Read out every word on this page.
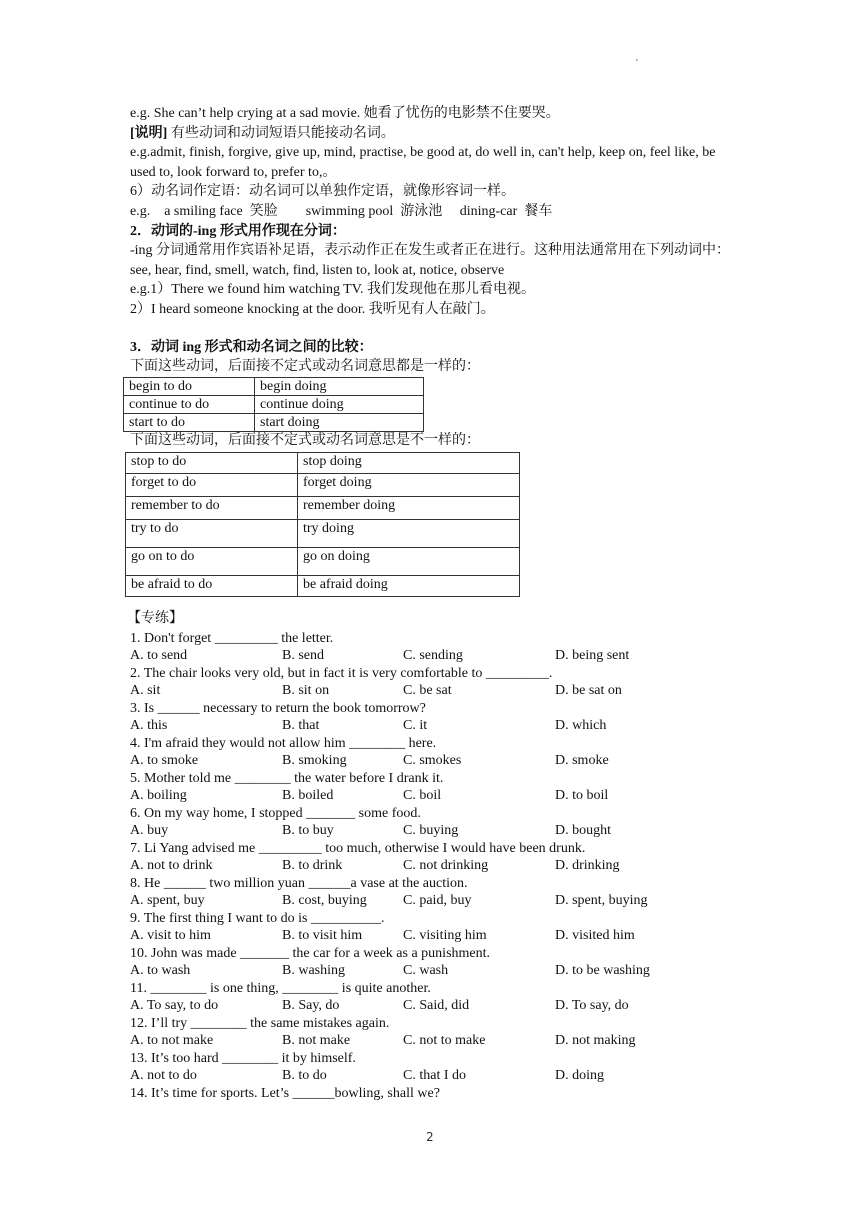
'
e.g. She can’t help crying at a sad movie. 她看了忧伤的电影禁不住要哭。
[说明] 有些动词和动词短语只能接动名词。
e.g.admit, finish, forgive, give up, mind, practise, be good at, do well in, can't help, keep on, feel like, be used to, look forward to, prefer to,。
6）动名词作定语：动名词可以单独作定语，就像形容词一样。
e.g.    a smiling face  笑脸        swimming pool  游泳池     dining-car  餐车
2．动词的-ing 形式用作现在分词：
-ing 分词通常用作宾语补足语，表示动作正在发生或者正在进行。这种用法通常用在下列动词中：see, hear, find, smell, watch, find, listen to, look at, notice, observe
e.g.1）There we found him watching TV. 我们发现他在那儿看电视。
2）I heard someone knocking at the door. 我听见有人在敲门。
3．动词 ing 形式和动名词之间的比较：
下面这些动词，后面接不定式或动名词意思都是一样的：
begin to do	begin doing
continue to do	continue doing
start to do	start doing
下面这些动词，后面接不定式或动名词意思是不一样的：
stop to do	stop doing
forget to do	forget doing
remember to do	remember doing
try to do	try doing
go on to do	go on doing
be afraid to do	be afraid doing
【专练】
1. Don't forget _________ the letter.
A. to send	B. send	C. sending	D. being sent
2. The chair looks very old, but in fact it is very comfortable to _________.
A. sit	B. sit on	C. be sat	D. be sat on
3. Is ______ necessary to return the book tomorrow?
A. this	B. that	C. it	D. which
4. I'm afraid they would not allow him ________ here.
A. to smoke	B. smoking	C. smokes	D. smoke
5. Mother told me ________ the water before I drank it.
A. boiling	B. boiled	C. boil	D. to boil
6. On my way home, I stopped _______ some food.
A. buy	B. to buy	C. buying	D. bought
7. Li Yang advised me _________ too much, otherwise I would have been drunk.
A. not to drink	B. to drink	C. not drinking	D. drinking
8. He ______ two million yuan ______a vase at the auction.
A. spent, buy	B. cost, buying	C. paid, buy	D. spent, buying
9. The first thing I want to do is __________.
A. visit to him	B. to visit him	C. visiting him	D. visited him
10. John was made _______ the car for a week as a punishment.
A. to wash	B. washing	C. wash	D. to be washing
11. ________ is one thing, ________ is quite another.
A. To say, to do	B. Say, do	C. Said, did	D. To say, do
12. I’ll try ________ the same mistakes again.
A. to not make	B. not make	C. not to make	D. not making
13. It’s too hard ________ it by himself.
A. not to do	B. to do	C. that I do	D. doing
14. It’s time for sports. Let’s ______bowling, shall we?
2
